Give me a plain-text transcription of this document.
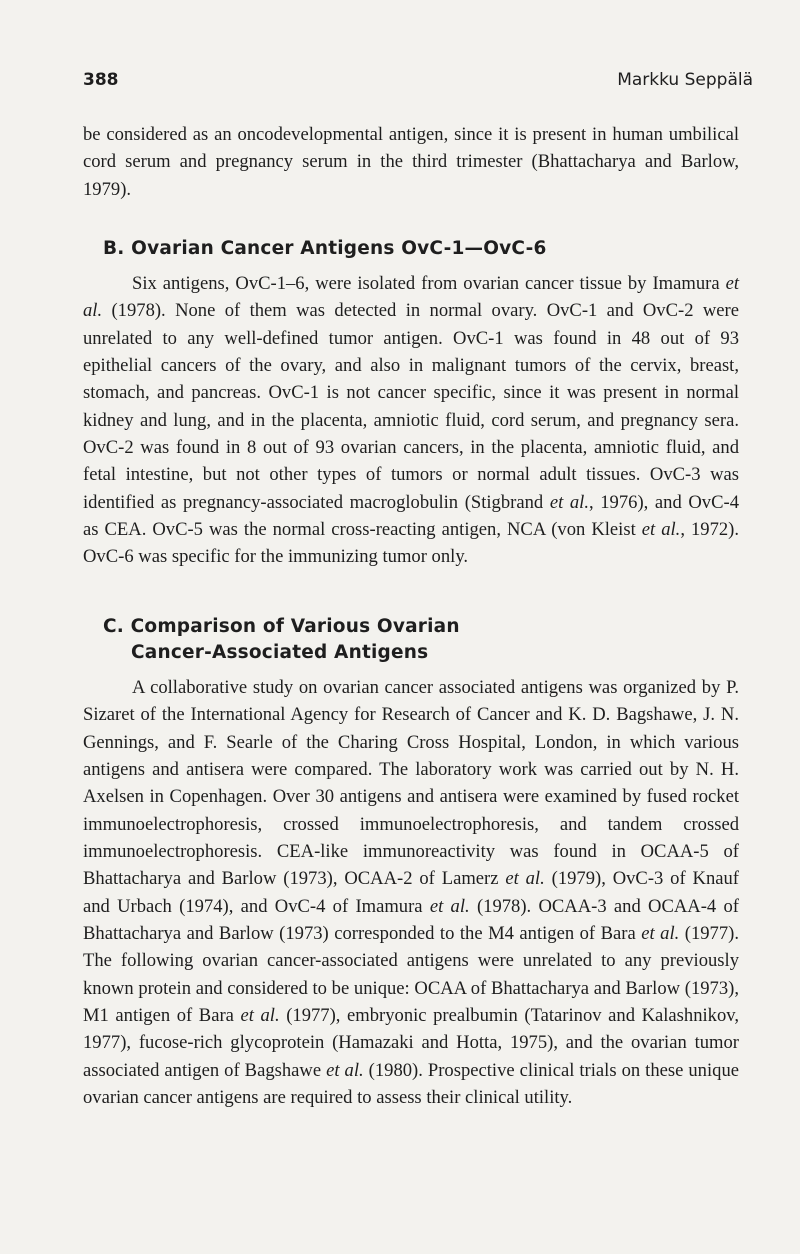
388	Markku Seppälä

be considered as an oncodevelopmental antigen, since it is present in human umbilical cord serum and pregnancy serum in the third trimester (Bhattacharya and Barlow, 1979).

B. Ovarian Cancer Antigens OvC-1—OvC-6

Six antigens, OvC-1–6, were isolated from ovarian cancer tissue by Imamura et al. (1978). None of them was detected in normal ovary. OvC-1 and OvC-2 were unrelated to any well-defined tumor antigen. OvC-1 was found in 48 out of 93 epithelial cancers of the ovary, and also in malignant tumors of the cervix, breast, stomach, and pancreas. OvC-1 is not cancer specific, since it was present in normal kidney and lung, and in the placenta, amniotic fluid, cord serum, and pregnancy sera. OvC-2 was found in 8 out of 93 ovarian cancers, in the placenta, amniotic fluid, and fetal intestine, but not other types of tumors or normal adult tissues. OvC-3 was identified as pregnancy-associated macroglobulin (Stigbrand et al., 1976), and OvC-4 as CEA. OvC-5 was the normal cross-reacting antigen, NCA (von Kleist et al., 1972). OvC-6 was specific for the immunizing tumor only.

C. Comparison of Various Ovarian
Cancer-Associated Antigens

A collaborative study on ovarian cancer associated antigens was organized by P. Sizaret of the International Agency for Research of Cancer and K. D. Bagshawe, J. N. Gennings, and F. Searle of the Charing Cross Hospital, London, in which various antigens and antisera were compared. The laboratory work was carried out by N. H. Axelsen in Copenhagen. Over 30 antigens and antisera were examined by fused rocket immunoelectrophoresis, crossed immunoelectrophoresis, and tandem crossed immunoelectrophoresis. CEA-like immunoreactivity was found in OCAA-5 of Bhattacharya and Barlow (1973), OCAA-2 of Lamerz et al. (1979), OvC-3 of Knauf and Urbach (1974), and OvC-4 of Imamura et al. (1978). OCAA-3 and OCAA-4 of Bhattacharya and Barlow (1973) corresponded to the M4 antigen of Bara et al. (1977). The following ovarian cancer-associated antigens were unrelated to any previously known protein and considered to be unique: OCAA of Bhattacharya and Barlow (1973), M1 antigen of Bara et al. (1977), embryonic prealbumin (Tatarinov and Kalashnikov, 1977), fucose-rich glycoprotein (Hamazaki and Hotta, 1975), and the ovarian tumor associated antigen of Bagshawe et al. (1980). Prospective clinical trials on these unique ovarian cancer antigens are required to assess their clinical utility.
